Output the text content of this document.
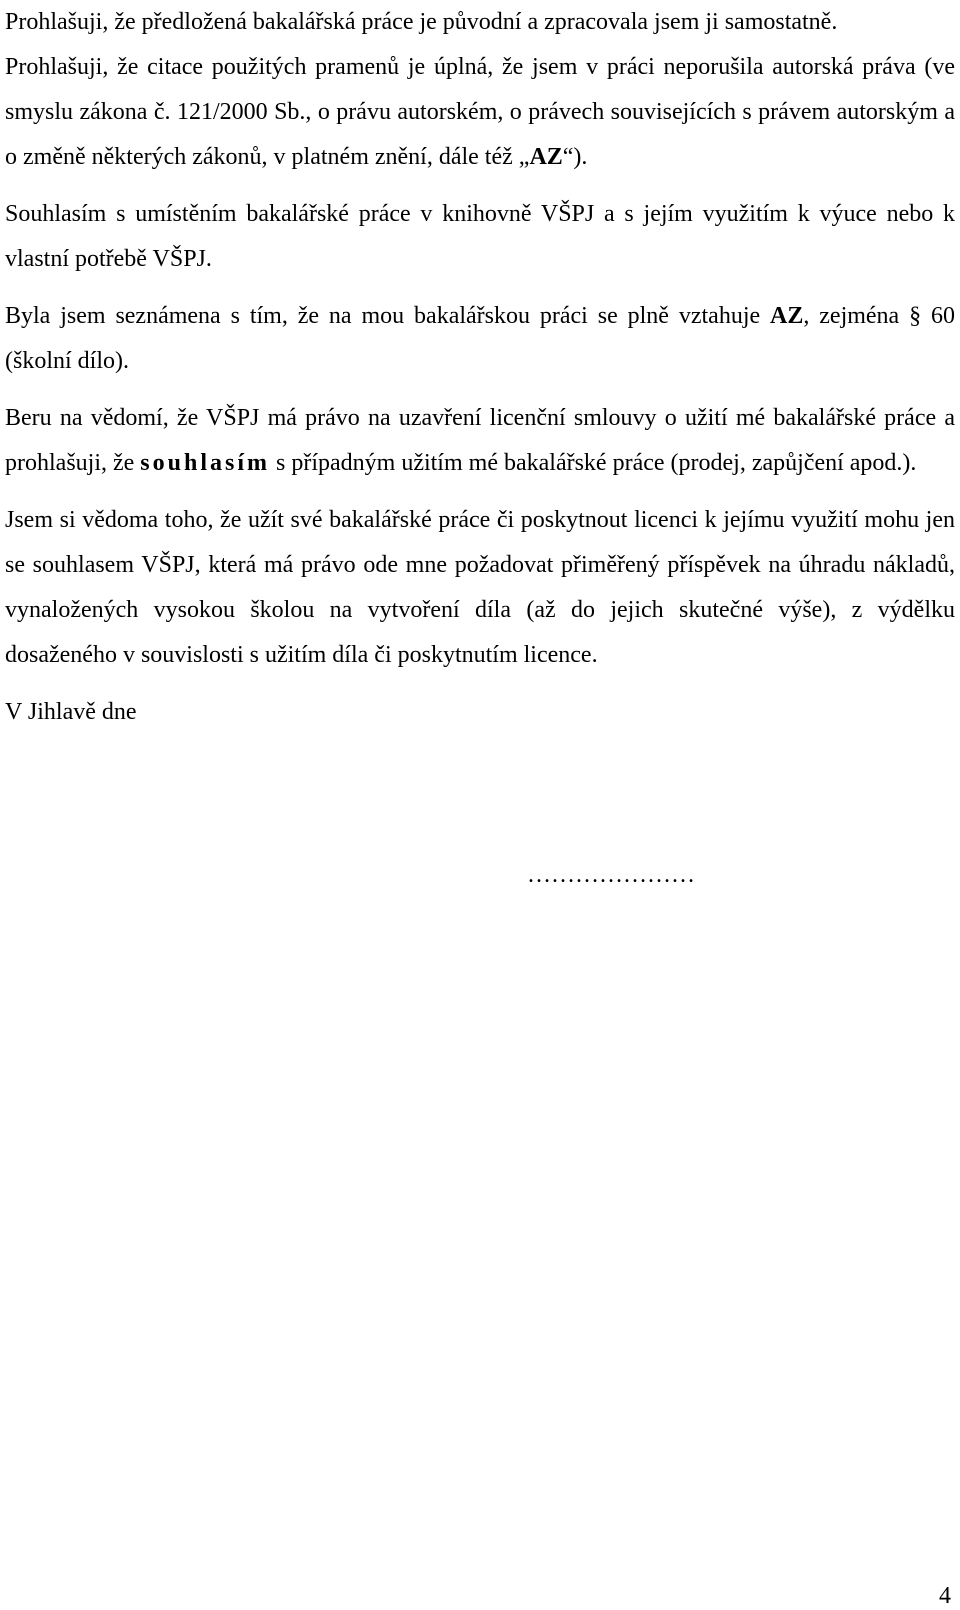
Prohlašuji, že předložená bakalářská práce je původní a zpracovala jsem ji samostatně.

Prohlašuji, že citace použitých pramenů je úplná, že jsem v práci neporušila autorská práva (ve smyslu zákona č. 121/2000 Sb., o právu autorském, o právech souvisejících s právem autorským a o změně některých zákonů, v platném znění, dále též „AZ“).

Souhlasím s umístěním bakalářské práce v knihovně VŠPJ a s jejím využitím k výuce nebo k vlastní potřebě VŠPJ.

Byla jsem seznámena s tím, že na mou bakalářskou práci se plně vztahuje AZ, zejména § 60 (školní dílo).

Beru na vědomí, že VŠPJ má právo na uzavření licenční smlouvy o užití mé bakalářské práce a prohlašuji, že souhlasím s případným užitím mé bakalářské práce (prodej, zapůjčení apod.).

Jsem si vědoma toho, že užít své bakalářské práce či poskytnout licenci k jejímu využití mohu jen se souhlasem VŠPJ, která má právo ode mne požadovat přiměřený příspěvek na úhradu nákladů, vynaložených vysokou školou na vytvoření díla (až do jejich skutečné výše), z výdělku dosaženého v souvislosti s užitím díla či poskytnutím licence.

V Jihlavě dne
…………………
4
